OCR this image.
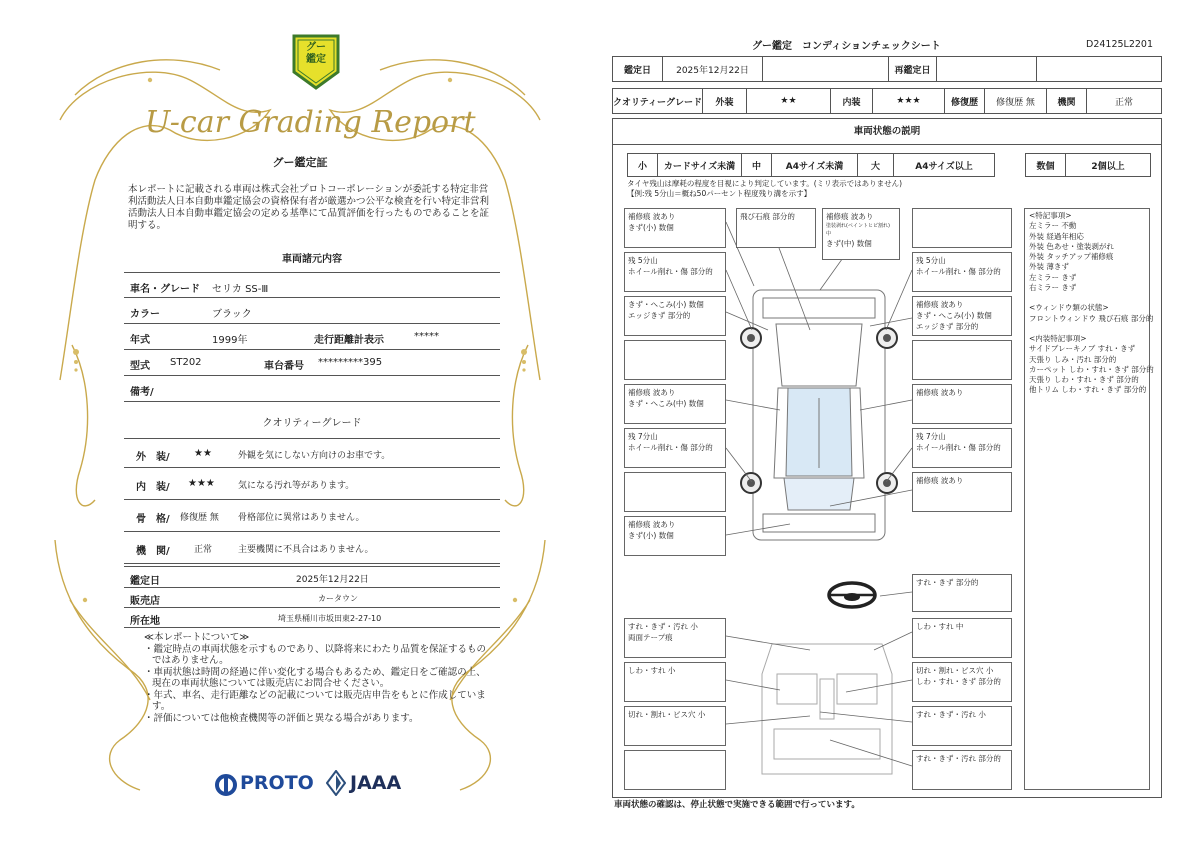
グー
鑑定
U-car Grading Report
グー鑑定証
本レポートに記載される車両は株式会社プロトコーポレーションが委託する特定非営利活動法人日本自動車鑑定協会の資格保有者が厳選かつ公平な検査を行い特定非営利活動法人日本自動車鑑定協会の定める基準にて品質評価を行ったものであることを証明する。
車両諸元内容
車名・グレード セリカ SS-Ⅲ
カラー	ブラック
年式	1999年	走行距離計表示	*****
型式 ST202	車台番号 *********395
備考/
クオリティーグレード
外　装/ ★★	外観を気にしない方向けのお車です。
内　装/ ★★★	気になる汚れ等があります。
骨　格/ 修復歴 無 骨格部位に異常はありません。
機　関/	正常	主要機関に不具合はありません。
鑑定日	2025年12月22日
販売店	カータウン
所在地	埼玉県桶川市坂田東2-27-10
≪本レポートについて≫
・鑑定時点の車両状態を示すものであり、以降将来にわたり品質を保証するものではありません。
・車両状態は時間の経過に伴い変化する場合もあるため、鑑定日をご確認の上、現在の車両状態については販売店にお問合せください。
・年式、車名、走行距離などの記載については販売店申告をもとに作成しています。
・評価については他検査機関等の評価と異なる場合があります。
PROTO JAAA
グー鑑定　コンディションチェックシート	D24125L2201
鑑定日	2025年12月22日	再鑑定日
クオリティーグレード	外装	★★	内装	★★★	修復歴	修復歴 無	機関	正常
車両状態の説明
小	カードサイズ未満	中	A4サイズ未満	大	A4サイズ以上	数個	2個以上
タイヤ残山は摩耗の程度を目視により判定しています。(ミリ表示ではありません)
【例:残 5分山＝概ね50パーセント程度残り溝を示す】
補修痕 波あり
きず(小) 数個
飛び石痕 部分的	補修痕 波あり
塗装剥れ(ペイントヒビ割れ) 中
きず(中) 数個
残 5分山
ホイール削れ・傷 部分的
残 5分山
ホイール削れ・傷 部分的
きず・へこみ(小) 数個
エッジきず 部分的
補修痕 波あり
きず・へこみ(小) 数個
エッジきず 部分的
補修痕 波あり
きず・へこみ(中) 数個
補修痕 波あり
残 7分山
ホイール削れ・傷 部分的
残 7分山
ホイール削れ・傷 部分的
補修痕 波あり
補修痕 波あり
きず(小) 数個
すれ・きず 部分的
すれ・きず・汚れ 小
両面テープ痕
しわ・すれ 中
しわ・すれ 小	切れ・割れ・ビス穴 小
しわ・すれ・きず 部分的
切れ・割れ・ビス穴 小	すれ・きず・汚れ 小
すれ・きず・汚れ 部分的
<特記事項>
左ミラー 不動
外装 経過年相応
外装 色あせ・塗装剥がれ
外装 タッチアップ補修痕
外装 薄きず
左ミラー きず
右ミラー きず
<ウィンドウ類の状態>
フロントウィンドウ 飛び石痕 部分的
<内装特記事項>
サイドブレーキノブ すれ・きず
天張り しみ・汚れ 部分的
カーペット しわ・すれ・きず 部分的
天張り しわ・すれ・きず 部分的
他トリム しわ・すれ・きず 部分的
車両状態の確認は、停止状態で実施できる範囲で行っています。
